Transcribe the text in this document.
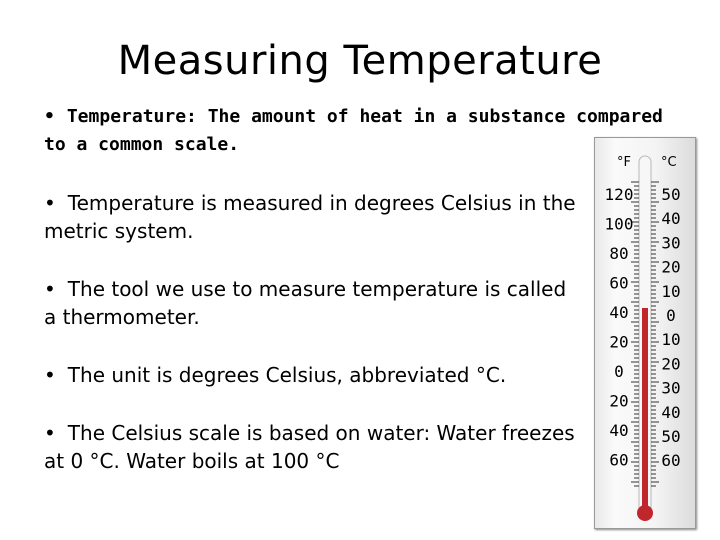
Measuring Temperature
• Temperature: The amount of heat in a substance compared to a common scale.
• Temperature is measured in degrees Celsius in the metric system.
• The tool we use to measure temperature is called a thermometer.
• The unit is degrees Celsius, abbreviated °C.
• The Celsius scale is based on water: Water freezes at 0 °C. Water boils at 100 °C
°F °C
120
100
80
60
40
20
0
20
40
60
50
40
30
20
10
0
10
20
30
40
50
60
